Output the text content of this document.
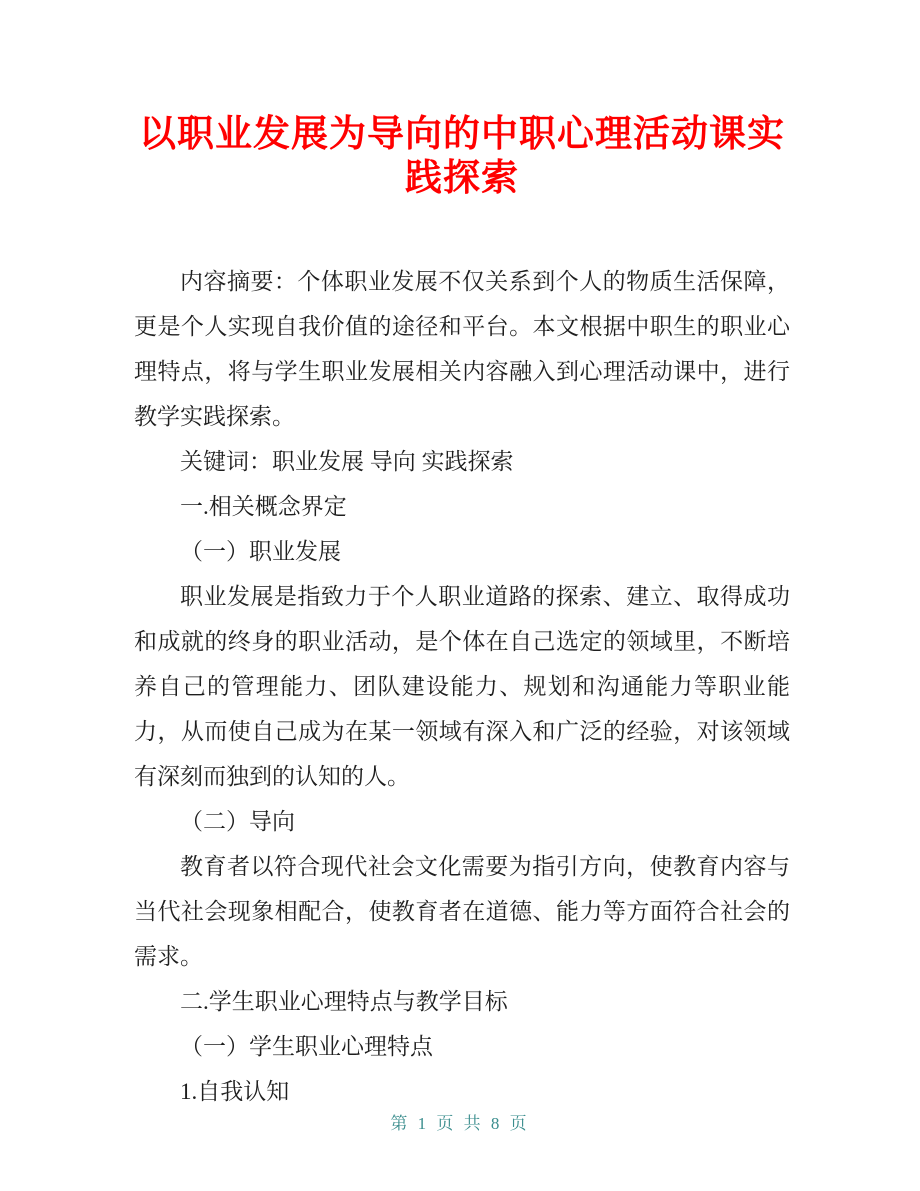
以职业发展为导向的中职心理活动课实践探索

内容摘要：个体职业发展不仅关系到个人的物质生活保障，更是个人实现自我价值的途径和平台。本文根据中职生的职业心理特点，将与学生职业发展相关内容融入到心理活动课中，进行教学实践探索。

关键词：职业发展 导向 实践探索

一.相关概念界定

（一）职业发展

职业发展是指致力于个人职业道路的探索、建立、取得成功和成就的终身的职业活动，是个体在自己选定的领域里，不断培养自己的管理能力、团队建设能力、规划和沟通能力等职业能力，从而使自己成为在某一领域有深入和广泛的经验，对该领域有深刻而独到的认知的人。

（二）导向

教育者以符合现代社会文化需要为指引方向，使教育内容与当代社会现象相配合，使教育者在道德、能力等方面符合社会的需求。

二.学生职业心理特点与教学目标

（一）学生职业心理特点

1.自我认知

第 1 页 共 8 页
